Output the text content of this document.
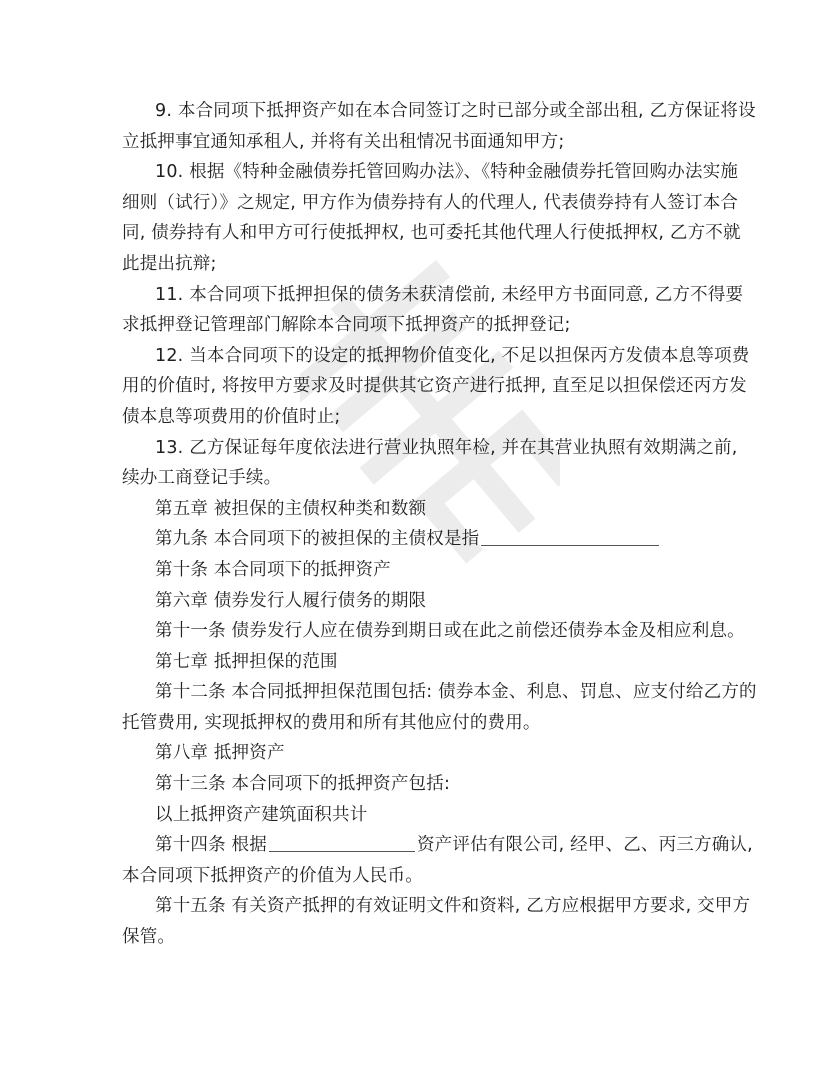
9. 本合同项下抵押资产如在本合同签订之时已部分或全部出租, 乙方保证将设
立抵押事宜通知承租人, 并将有关出租情况书面通知甲方;
10. 根据《特种金融债券托管回购办法》、《特种金融债券托管回购办法实施
细则（试行）》之规定, 甲方作为债券持有人的代理人, 代表债券持有人签订本合
同, 债券持有人和甲方可行使抵押权, 也可委托其他代理人行使抵押权, 乙方不就
此提出抗辩;
11. 本合同项下抵押担保的债务未获清偿前, 未经甲方书面同意, 乙方不得要
求抵押登记管理部门解除本合同项下抵押资产的抵押登记;
12. 当本合同项下的设定的抵押物价值变化, 不足以担保丙方发债本息等项费
用的价值时, 将按甲方要求及时提供其它资产进行抵押, 直至足以担保偿还丙方发
债本息等项费用的价值时止;
13. 乙方保证每年度依法进行营业执照年检, 并在其营业执照有效期满之前,
续办工商登记手续。
第五章 被担保的主债权种类和数额
第九条 本合同项下的被担保的主债权是指
第十条 本合同项下的抵押资产
第六章 债券发行人履行债务的期限
第十一条 债券发行人应在债券到期日或在此之前偿还债券本金及相应利息。
第七章 抵押担保的范围
第十二条 本合同抵押担保范围包括: 债券本金、利息、罚息、应支付给乙方的
托管费用, 实现抵押权的费用和所有其他应付的费用。
第八章 抵押资产
第十三条 本合同项下的抵押资产包括:
以上抵押资产建筑面积共计
第十四条 根据	资产评估有限公司, 经甲、乙、丙三方确认,
本合同项下抵押资产的价值为人民币。
第十五条 有关资产抵押的有效证明文件和资料, 乙方应根据甲方要求, 交甲方
保管。
